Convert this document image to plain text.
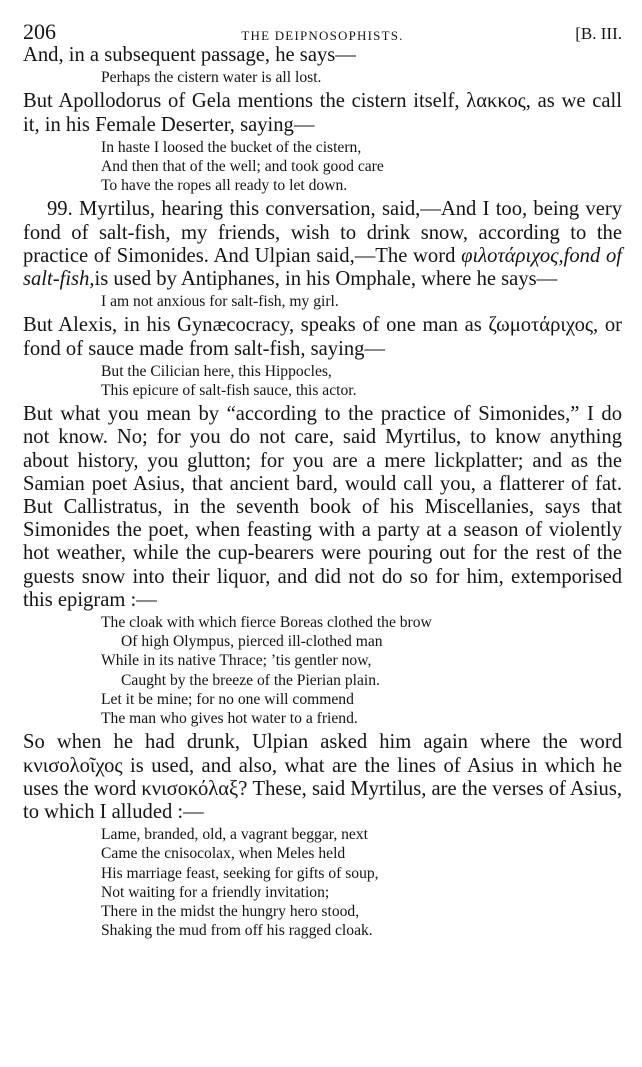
206	THE DEIPNOSOPHISTS.	[B. III.

And, in a subsequent passage, he says—

Perhaps the cistern water is all lost.

But Apollodorus of Gela mentions the cistern itself, λακκος, as we call it, in his Female Deserter, saying—

In haste I loosed the bucket of the cistern,
And then that of the well; and took good care
To have the ropes all ready to let down.

99. Myrtilus, hearing this conversation, said,—And I too, being very fond of salt-fish, my friends, wish to drink snow, according to the practice of Simonides. And Ulpian said,—The word φιλοτάριχος,fond of salt-fish,is used by Antiphanes, in his Omphale, where he says—

I am not anxious for salt-fish, my girl.

But Alexis, in his Gynæcocracy, speaks of one man as ζωμοτάριχος, or fond of sauce made from salt-fish, saying—

But the Cilician here, this Hippocles,
This epicure of salt-fish sauce, this actor.

But what you mean by “according to the practice of Simonides,” I do not know. No; for you do not care, said Myrtilus, to know anything about history, you glutton; for you are a mere lickplatter; and as the Samian poet Asius, that ancient bard, would call you, a flatterer of fat. But Callistratus, in the seventh book of his Miscellanies, says that Simonides the poet, when feasting with a party at a season of violently hot weather, while the cup-bearers were pouring out for the rest of the guests snow into their liquor, and did not do so for him, extemporised this epigram :—

The cloak with which fierce Boreas clothed the brow
Of high Olympus, pierced ill-clothed man
While in its native Thrace; ’tis gentler now,
Caught by the breeze of the Pierian plain.
Let it be mine; for no one will commend
The man who gives hot water to a friend.

So when he had drunk, Ulpian asked him again where the word κνισολοῖχος is used, and also, what are the lines of Asius in which he uses the word κνισοκόλαξ? These, said Myrtilus, are the verses of Asius, to which I alluded :—

Lame, branded, old, a vagrant beggar, next
Came the cnisocolax, when Meles held
His marriage feast, seeking for gifts of soup,
Not waiting for a friendly invitation;
There in the midst the hungry hero stood,
Shaking the mud from off his ragged cloak.
